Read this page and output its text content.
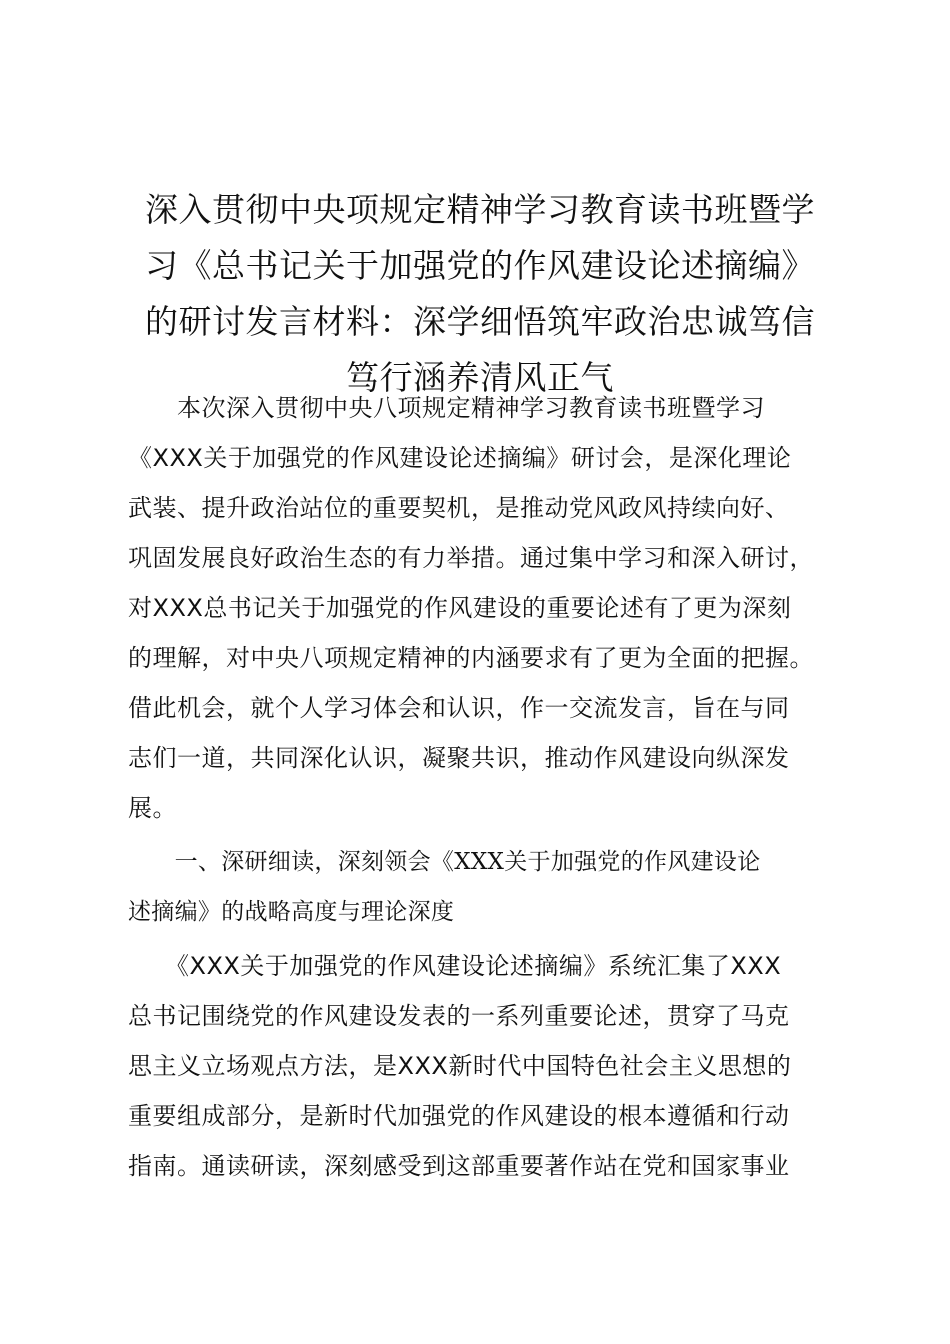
深入贯彻中央项规定精神学习教育读书班暨学
习《总书记关于加强党的作风建设论述摘编》
的研讨发言材料：深学细悟筑牢政治忠诚笃信
笃行涵养清风正气

　　本次深入贯彻中央八项规定精神学习教育读书班暨学习
《XXX关于加强党的作风建设论述摘编》研讨会，是深化理论
武装、提升政治站位的重要契机，是推动党风政风持续向好、
巩固发展良好政治生态的有力举措。通过集中学习和深入研讨，
对XXX总书记关于加强党的作风建设的重要论述有了更为深刻
的理解，对中央八项规定精神的内涵要求有了更为全面的把握。
借此机会，就个人学习体会和认识，作一交流发言，旨在与同
志们一道，共同深化认识，凝聚共识，推动作风建设向纵深发
展。

　　一、深研细读，深刻领会《XXX关于加强党的作风建设论
述摘编》的战略高度与理论深度

　　《XXX关于加强党的作风建设论述摘编》系统汇集了XXX
总书记围绕党的作风建设发表的一系列重要论述，贯穿了马克
思主义立场观点方法，是XXX新时代中国特色社会主义思想的
重要组成部分，是新时代加强党的作风建设的根本遵循和行动
指南。通读研读，深刻感受到这部重要著作站在党和国家事业
